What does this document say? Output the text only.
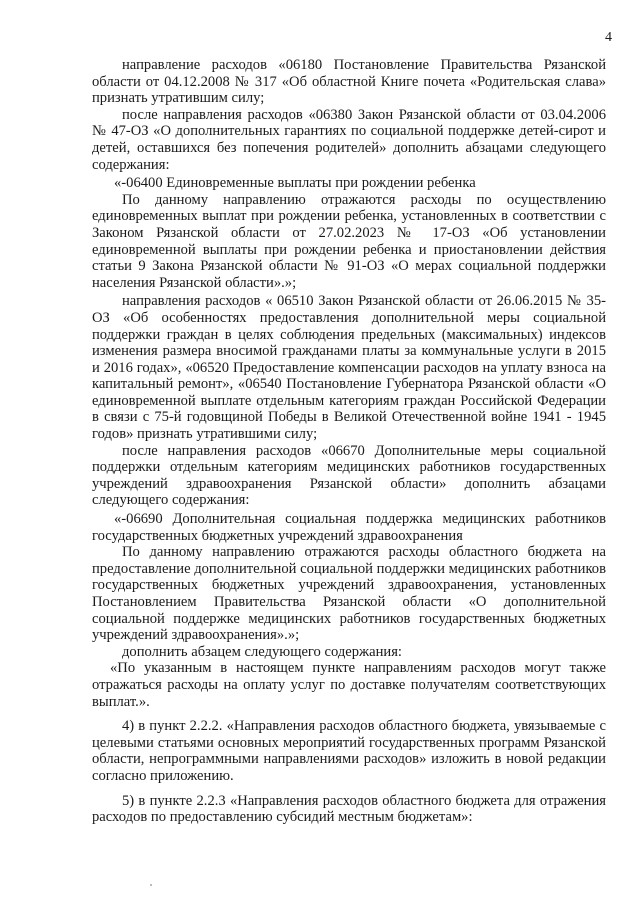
4

направление расходов «06180 Постановление Правительства Рязанской области от 04.12.2008 № 317 «Об областной Книге почета «Родительская слава» признать утратившим силу;

после направления расходов «06380 Закон Рязанской области от 03.04.2006 № 47-ОЗ «О дополнительных гарантиях по социальной поддержке детей-сирот и детей, оставшихся без попечения родителей» дополнить абзацами следующего содержания:

«-06400 Единовременные выплаты при рождении ребенка

По данному направлению отражаются расходы по осуществлению единовременных выплат при рождении ребенка, установленных в соответствии с Законом Рязанской области от 27.02.2023 № 17-ОЗ «Об установлении единовременной выплаты при рождении ребенка и приостановлении действия статьи 9 Закона Рязанской области № 91-ОЗ «О мерах социальной поддержки населения Рязанской области».»;

направления расходов « 06510 Закон Рязанской области от 26.06.2015 № 35-ОЗ «Об особенностях предоставления дополнительной меры социальной поддержки граждан в целях соблюдения предельных (максимальных) индексов изменения размера вносимой гражданами платы за коммунальные услуги в 2015 и 2016 годах», «06520 Предоставление компенсации расходов на уплату взноса на капитальный ремонт», «06540 Постановление Губернатора Рязанской области «О единовременной выплате отдельным категориям граждан Российской Федерации в связи с 75-й годовщиной Победы в Великой Отечественной войне 1941 - 1945 годов» признать утратившими силу;

после направления расходов «06670 Дополнительные меры социальной поддержки отдельным категориям медицинских работников государственных учреждений здравоохранения Рязанской области» дополнить абзацами следующего содержания:

«-06690 Дополнительная социальная поддержка медицинских работников государственных бюджетных учреждений здравоохранения

По данному направлению отражаются расходы областного бюджета на предоставление дополнительной социальной поддержки медицинских работников государственных бюджетных учреждений здравоохранения, установленных Постановлением Правительства Рязанской области «О дополнительной социальной поддержке медицинских работников государственных бюджетных учреждений здравоохранения».»;

дополнить абзацем следующего содержания:

«По указанным в настоящем пункте направлениям расходов могут также отражаться расходы на оплату услуг по доставке получателям соответствующих выплат.».

4) в пункт 2.2.2. «Направления расходов областного бюджета, увязываемые с целевыми статьями основных мероприятий государственных программ Рязанской области, непрограммными направлениями расходов» изложить в новой редакции согласно приложению.

5) в пункте 2.2.3 «Направления расходов областного бюджета для отражения расходов по предоставлению субсидий местным бюджетам»:
